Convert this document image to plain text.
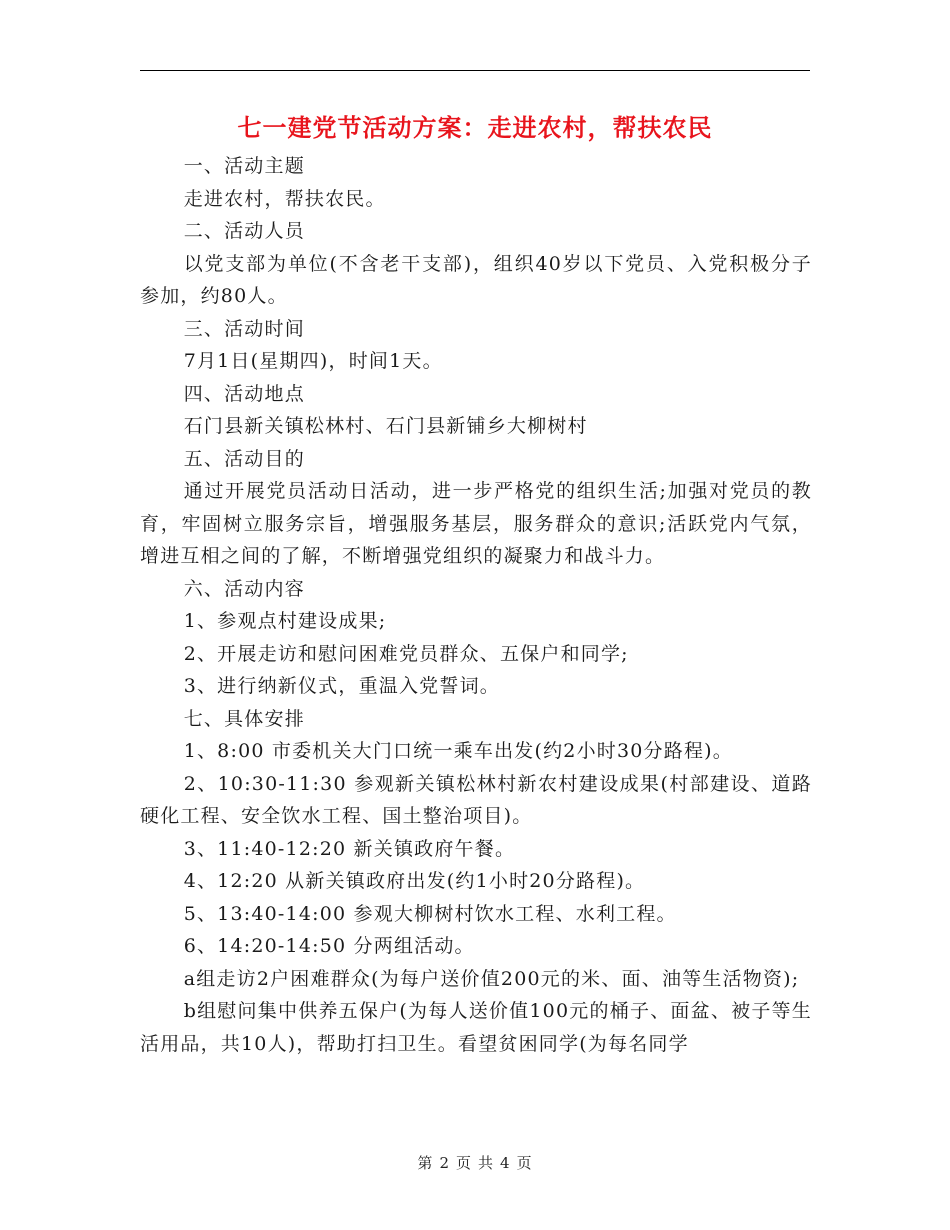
七一建党节活动方案：走进农村，帮扶农民

一、活动主题

走进农村，帮扶农民。

二、活动人员

以党支部为单位(不含老干支部)，组织40岁以下党员、入党积极分子参加，约80人。

三、活动时间

7月1日(星期四)，时间1天。

四、活动地点

石门县新关镇松林村、石门县新铺乡大柳树村

五、活动目的

通过开展党员活动日活动，进一步严格党的组织生活;加强对党员的教育，牢固树立服务宗旨，增强服务基层，服务群众的意识;活跃党内气氛，增进互相之间的了解，不断增强党组织的凝聚力和战斗力。

六、活动内容

1、参观点村建设成果;

2、开展走访和慰问困难党员群众、五保户和同学;

3、进行纳新仪式，重温入党誓词。

七、具体安排

1、8:00 市委机关大门口统一乘车出发(约2小时30分路程)。

2、10:30-11:30 参观新关镇松林村新农村建设成果(村部建设、道路硬化工程、安全饮水工程、国土整治项目)。

3、11:40-12:20 新关镇政府午餐。

4、12:20 从新关镇政府出发(约1小时20分路程)。

5、13:40-14:00 参观大柳树村饮水工程、水利工程。

6、14:20-14:50 分两组活动。

a组走访2户困难群众(为每户送价值200元的米、面、油等生活物资);

b组慰问集中供养五保户(为每人送价值100元的桶子、面盆、被子等生活用品，共10人)，帮助打扫卫生。看望贫困同学(为每名同学

第 2 页 共 4 页
